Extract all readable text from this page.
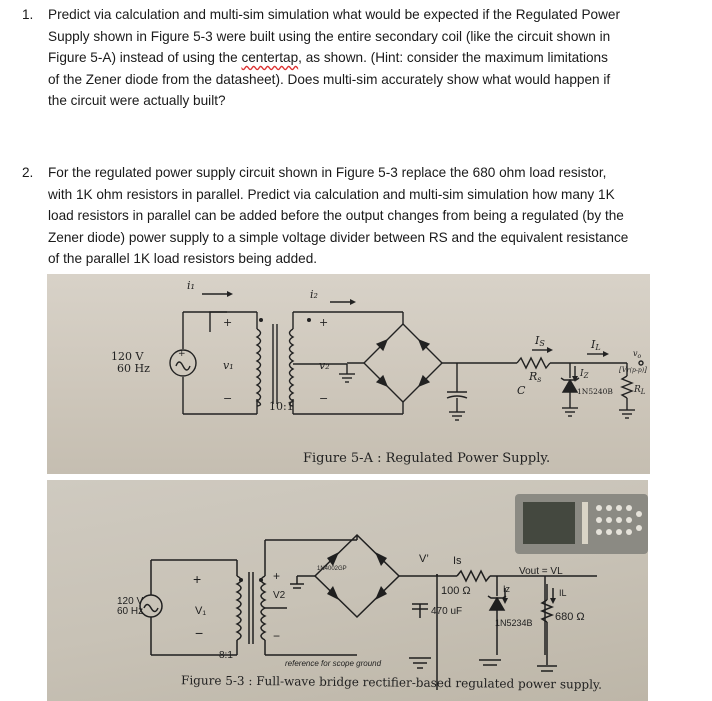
1. Predict via calculation and multi-sim simulation what would be expected if the Regulated Power
Supply shown in Figure 5-3 were built using the entire secondary coil (like the circuit shown in
Figure 5-A) instead of using the centertap, as shown. (Hint: consider the maximum limitations
of the Zener diode from the datasheet). Does multi-sim accurately show what would happen if
the circuit were actually built?
2. For the regulated power supply circuit shown in Figure 5-3 replace the 680 ohm load resistor,
with 1K ohm resistors in parallel. Predict via calculation and multi-sim simulation how many 1K
load resistors in parallel can be added before the output changes from being a regulated (by the
Zener diode) power supply to a simple voltage divider between RS and the equivalent resistance
of the parallel 1K load resistors being added.
120 V
60 Hz
+
i₁
i₂
+
v₁
−
+
v₂
−
10:1
IS
Rs
C
IL
$I_Z$
1N5240B $R_L$
[Vr(p-p)]
$v_o$
Figure 5-A : Regulated Power Supply.
120 V
60 Hz
+
V₁
−
+
V2
−
8:1
1N4002GP
V’ Is
100 Ω
470 uF
Iz	IL
1N5234B 680 Ω
Vout = VL
reference for scope ground
Figure 5-3 : Full-wave bridge rectifier-based regulated power supply.
